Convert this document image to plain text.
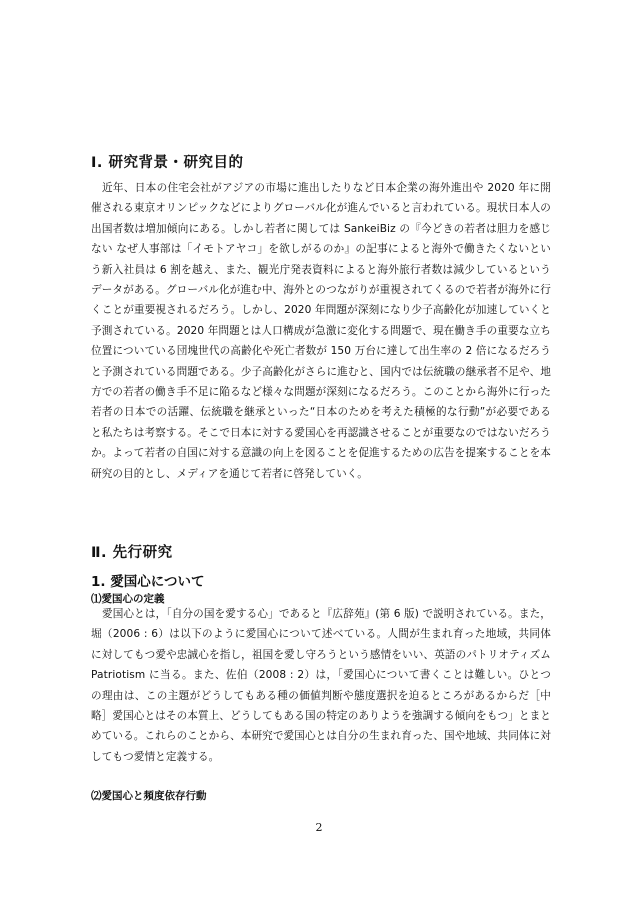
Ⅰ. 研究背景・研究目的

近年、日本の住宅会社がアジアの市場に進出したりなど日本企業の海外進出や 2020 年に開催される東京オリンピックなどによりグローバル化が進んでいると言われている。現状日本人の出国者数は増加傾向にある。しかし若者に関しては SankeiBiz の『今どきの若者は胆力を感じない なぜ人事部は「イモトアヤコ」を欲しがるのか』の記事によると海外で働きたくないという新入社員は 6 割を越え、また、観光庁発表資料によると海外旅行者数は減少しているというデータがある。グローバル化が進む中、海外とのつながりが重視されてくるので若者が海外に行くことが重要視されるだろう。しかし、2020 年問題が深刻になり少子高齢化が加速していくと予測されている。2020 年問題とは人口構成が急激に変化する問題で、現在働き手の重要な立ち位置についている団塊世代の高齢化や死亡者数が 150 万台に達して出生率の 2 倍になるだろうと予測されている問題である。少子高齢化がさらに進むと、国内では伝統職の継承者不足や、地方での若者の働き手不足に陥るなど様々な問題が深刻になるだろう。このことから海外に行った若者の日本での活躍、伝統職を継承といった“日本のためを考えた積極的な行動”が必要であると私たちは考察する。そこで日本に対する愛国心を再認識させることが重要なのではないだろうか。よって若者の自国に対する意識の向上を図ることを促進するための広告を提案することを本研究の目的とし、メディアを通じて若者に啓発していく。

Ⅱ. 先行研究
1. 愛国心について
⑴愛国心の定義

愛国心とは，「自分の国を愛する心」であると『広辞苑』(第 6 版) で説明されている。また，堀（2006 : 6）は以下のように愛国心について述べている。人間が生まれ育った地域，共同体に対してもつ愛や忠誠心を指し，祖国を愛し守ろうという感情をいい、英語のパトリオティズム Patriotism に当る。また、佐伯（2008 : 2）は，「愛国心について書くことは難しい。ひとつの理由は、この主題がどうしてもある種の価値判断や態度選択を迫るところがあるからだ［中略］愛国心とはその本質上、どうしてもある国の特定のありようを強調する傾向をもつ」とまとめている。これらのことから、本研究で愛国心とは自分の生まれ育った、国や地域、共同体に対してもつ愛情と定義する。

⑵愛国心と頻度依存行動
2
